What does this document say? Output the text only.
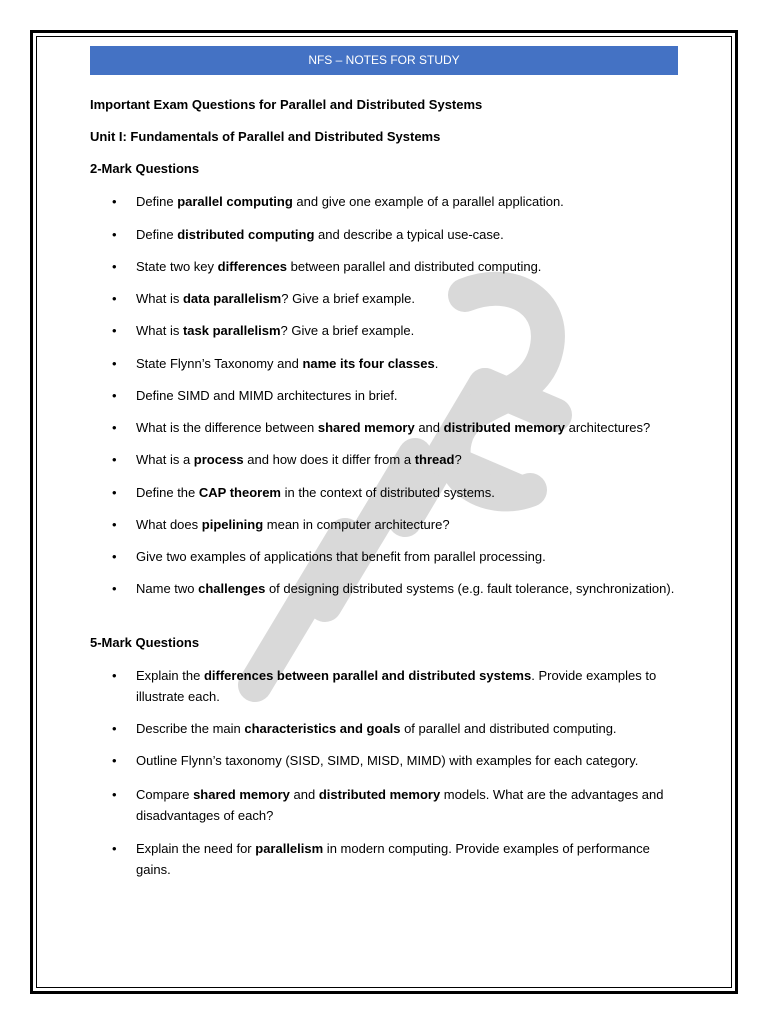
NFS – NOTES FOR STUDY
Important Exam Questions for Parallel and Distributed Systems
Unit I: Fundamentals of Parallel and Distributed Systems
2-Mark Questions
• Define parallel computing and give one example of a parallel application.
• Define distributed computing and describe a typical use-case.
• State two key differences between parallel and distributed computing.
• What is data parallelism? Give a brief example.
• What is task parallelism? Give a brief example.
• State Flynn’s Taxonomy and name its four classes.
• Define SIMD and MIMD architectures in brief.
• What is the difference between shared memory and distributed memory architectures?
• What is a process and how does it differ from a thread?
• Define the CAP theorem in the context of distributed systems.
• What does pipelining mean in computer architecture?
• Give two examples of applications that benefit from parallel processing.
• Name two challenges of designing distributed systems (e.g. fault tolerance, synchronization).
5-Mark Questions
• Explain the differences between parallel and distributed systems. Provide examples to illustrate each.
• Describe the main characteristics and goals of parallel and distributed computing.
• Outline Flynn’s taxonomy (SISD, SIMD, MISD, MIMD) with examples for each category.
• Compare shared memory and distributed memory models. What are the advantages and disadvantages of each?
• Explain the need for parallelism in modern computing. Provide examples of performance gains.
